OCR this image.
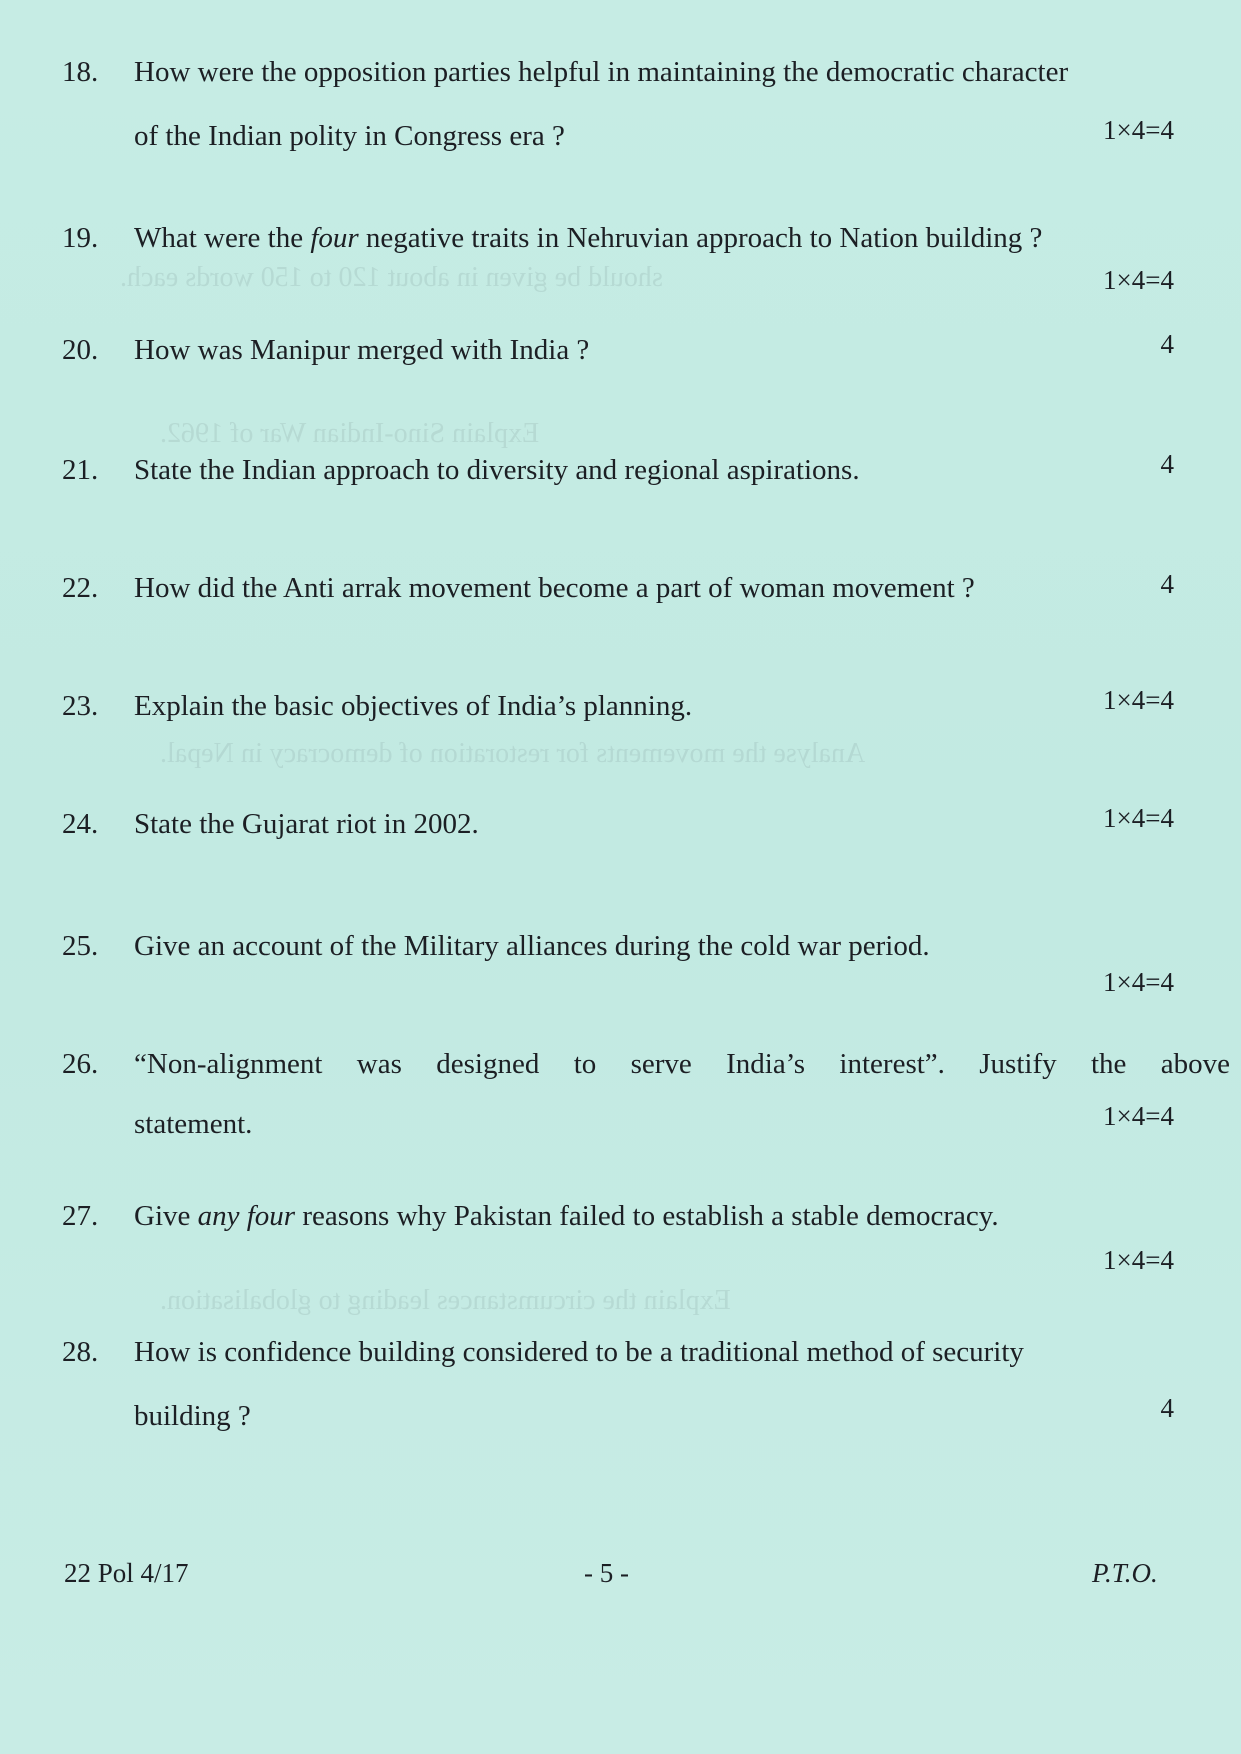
should be given in about 120 to 150 words each.
Explain Sino-Indian War of 1962.
Analyse the movements for restoration of democracy in Nepal.
Explain the circumstances leading to globalisation.
18.	How were the opposition parties helpful in maintaining the democratic character
of the Indian polity in Congress era ?	1×4=4
19.	What were the four negative traits in Nehruvian approach to Nation building ?
1×4=4
20.	How was Manipur merged with India ?	4
21.	State the Indian approach to diversity and regional aspirations.	4
22.	How did the Anti arrak movement become a part of woman movement ?	4
23.	Explain the basic objectives of India’s planning.	1×4=4
24.	State the Gujarat riot in 2002.	1×4=4
25.	Give an account of the Military alliances during the cold war period.
1×4=4
26.	“Non-alignment was designed to serve India’s interest”. Justify the above
statement.	1×4=4
27.	Give any four reasons why Pakistan failed to establish a stable democracy.
1×4=4
28.	How is confidence building considered to be a traditional method of security
building ?	4
22 Pol 4/17	- 5 -	P.T.O.
